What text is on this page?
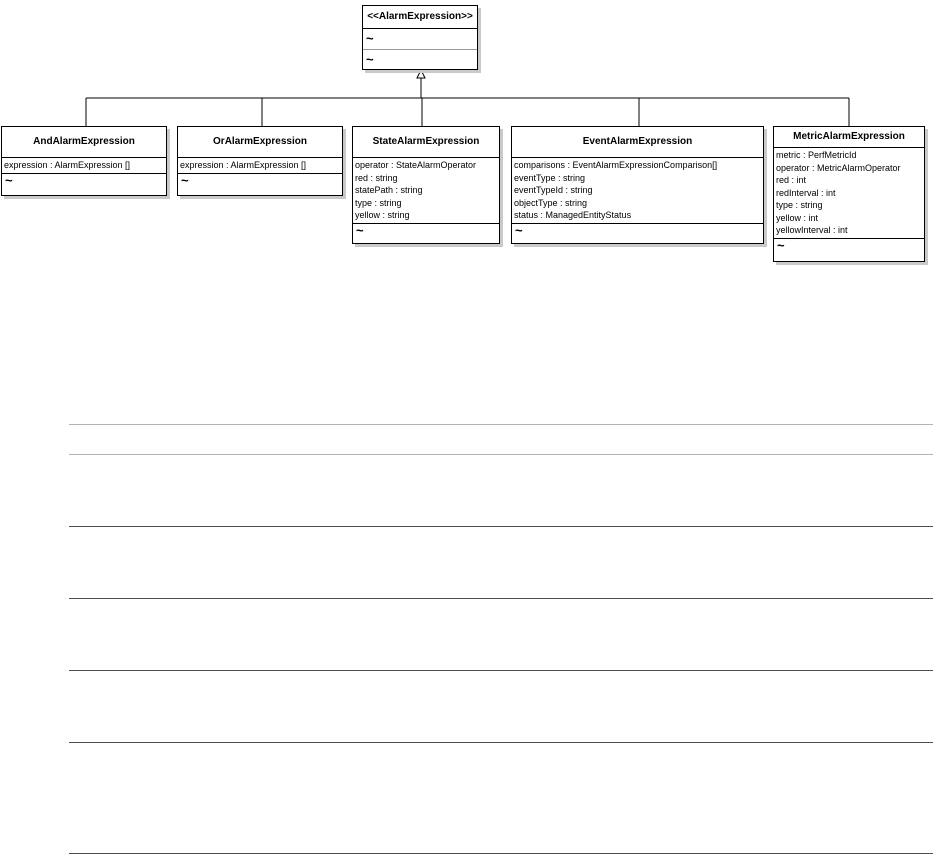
<<AlarmExpression>>
~
~
AndAlarmExpression
expression : AlarmExpression []
~
OrAlarmExpression
expression : AlarmExpression []
~
StateAlarmExpression
operator : StateAlarmOperator
red : string
statePath : string
type : string
yellow : string
~
EventAlarmExpression
comparisons : EventAlarmExpressionComparison[]
eventType : string
eventTypeId : string
objectType : string
status : ManagedEntityStatus
~
MetricAlarmExpression
metric : PerfMetricId
operator : MetricAlarmOperator
red : int
redInterval : int
type : string
yellow : int
yellowInterval : int
~
